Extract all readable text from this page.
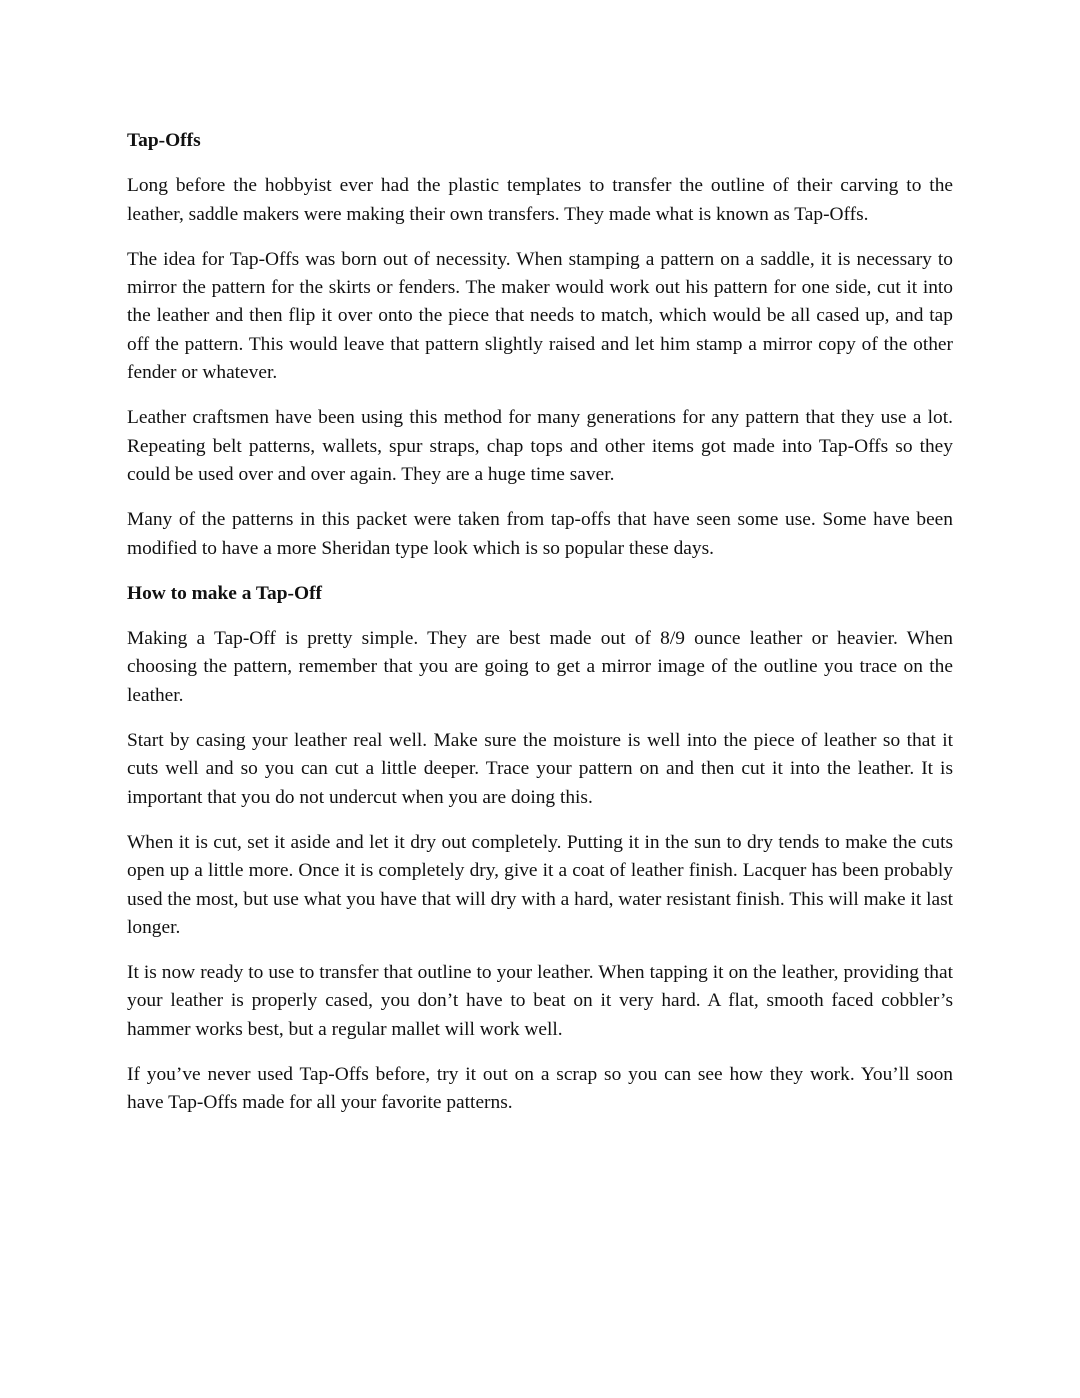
Tap-Offs

Long before the hobbyist ever had the plastic templates to transfer the outline of their carving to the leather, saddle makers were making their own transfers. They made what is known as Tap-Offs.

The idea for Tap-Offs was born out of necessity. When stamping a pattern on a saddle, it is necessary to mirror the pattern for the skirts or fenders. The maker would work out his pattern for one side, cut it into the leather and then flip it over onto the piece that needs to match, which would be all cased up, and tap off the pattern. This would leave that pattern slightly raised and let him stamp a mirror copy of the other fender or whatever.

Leather craftsmen have been using this method for many generations for any pattern that they use a lot. Repeating belt patterns, wallets, spur straps, chap tops and other items got made into Tap-Offs so they could be used over and over again. They are a huge time saver.

Many of the patterns in this packet were taken from tap-offs that have seen some use. Some have been modified to have a more Sheridan type look which is so popular these days.

How to make a Tap-Off

Making a Tap-Off is pretty simple. They are best made out of 8/9 ounce leather or heavier. When choosing the pattern, remember that you are going to get a mirror image of the outline you trace on the leather.

Start by casing your leather real well. Make sure the moisture is well into the piece of leather so that it cuts well and so you can cut a little deeper. Trace your pattern on and then cut it into the leather. It is important that you do not undercut when you are doing this.

When it is cut, set it aside and let it dry out completely. Putting it in the sun to dry tends to make the cuts open up a little more. Once it is completely dry, give it a coat of leather finish. Lacquer has been probably used the most, but use what you have that will dry with a hard, water resistant finish. This will make it last longer.

It is now ready to use to transfer that outline to your leather. When tapping it on the leather, providing that your leather is properly cased, you don’t have to beat on it very hard. A flat, smooth faced cobbler’s hammer works best, but a regular mallet will work well.

If you’ve never used Tap-Offs before, try it out on a scrap so you can see how they work. You’ll soon have Tap-Offs made for all your favorite patterns.
